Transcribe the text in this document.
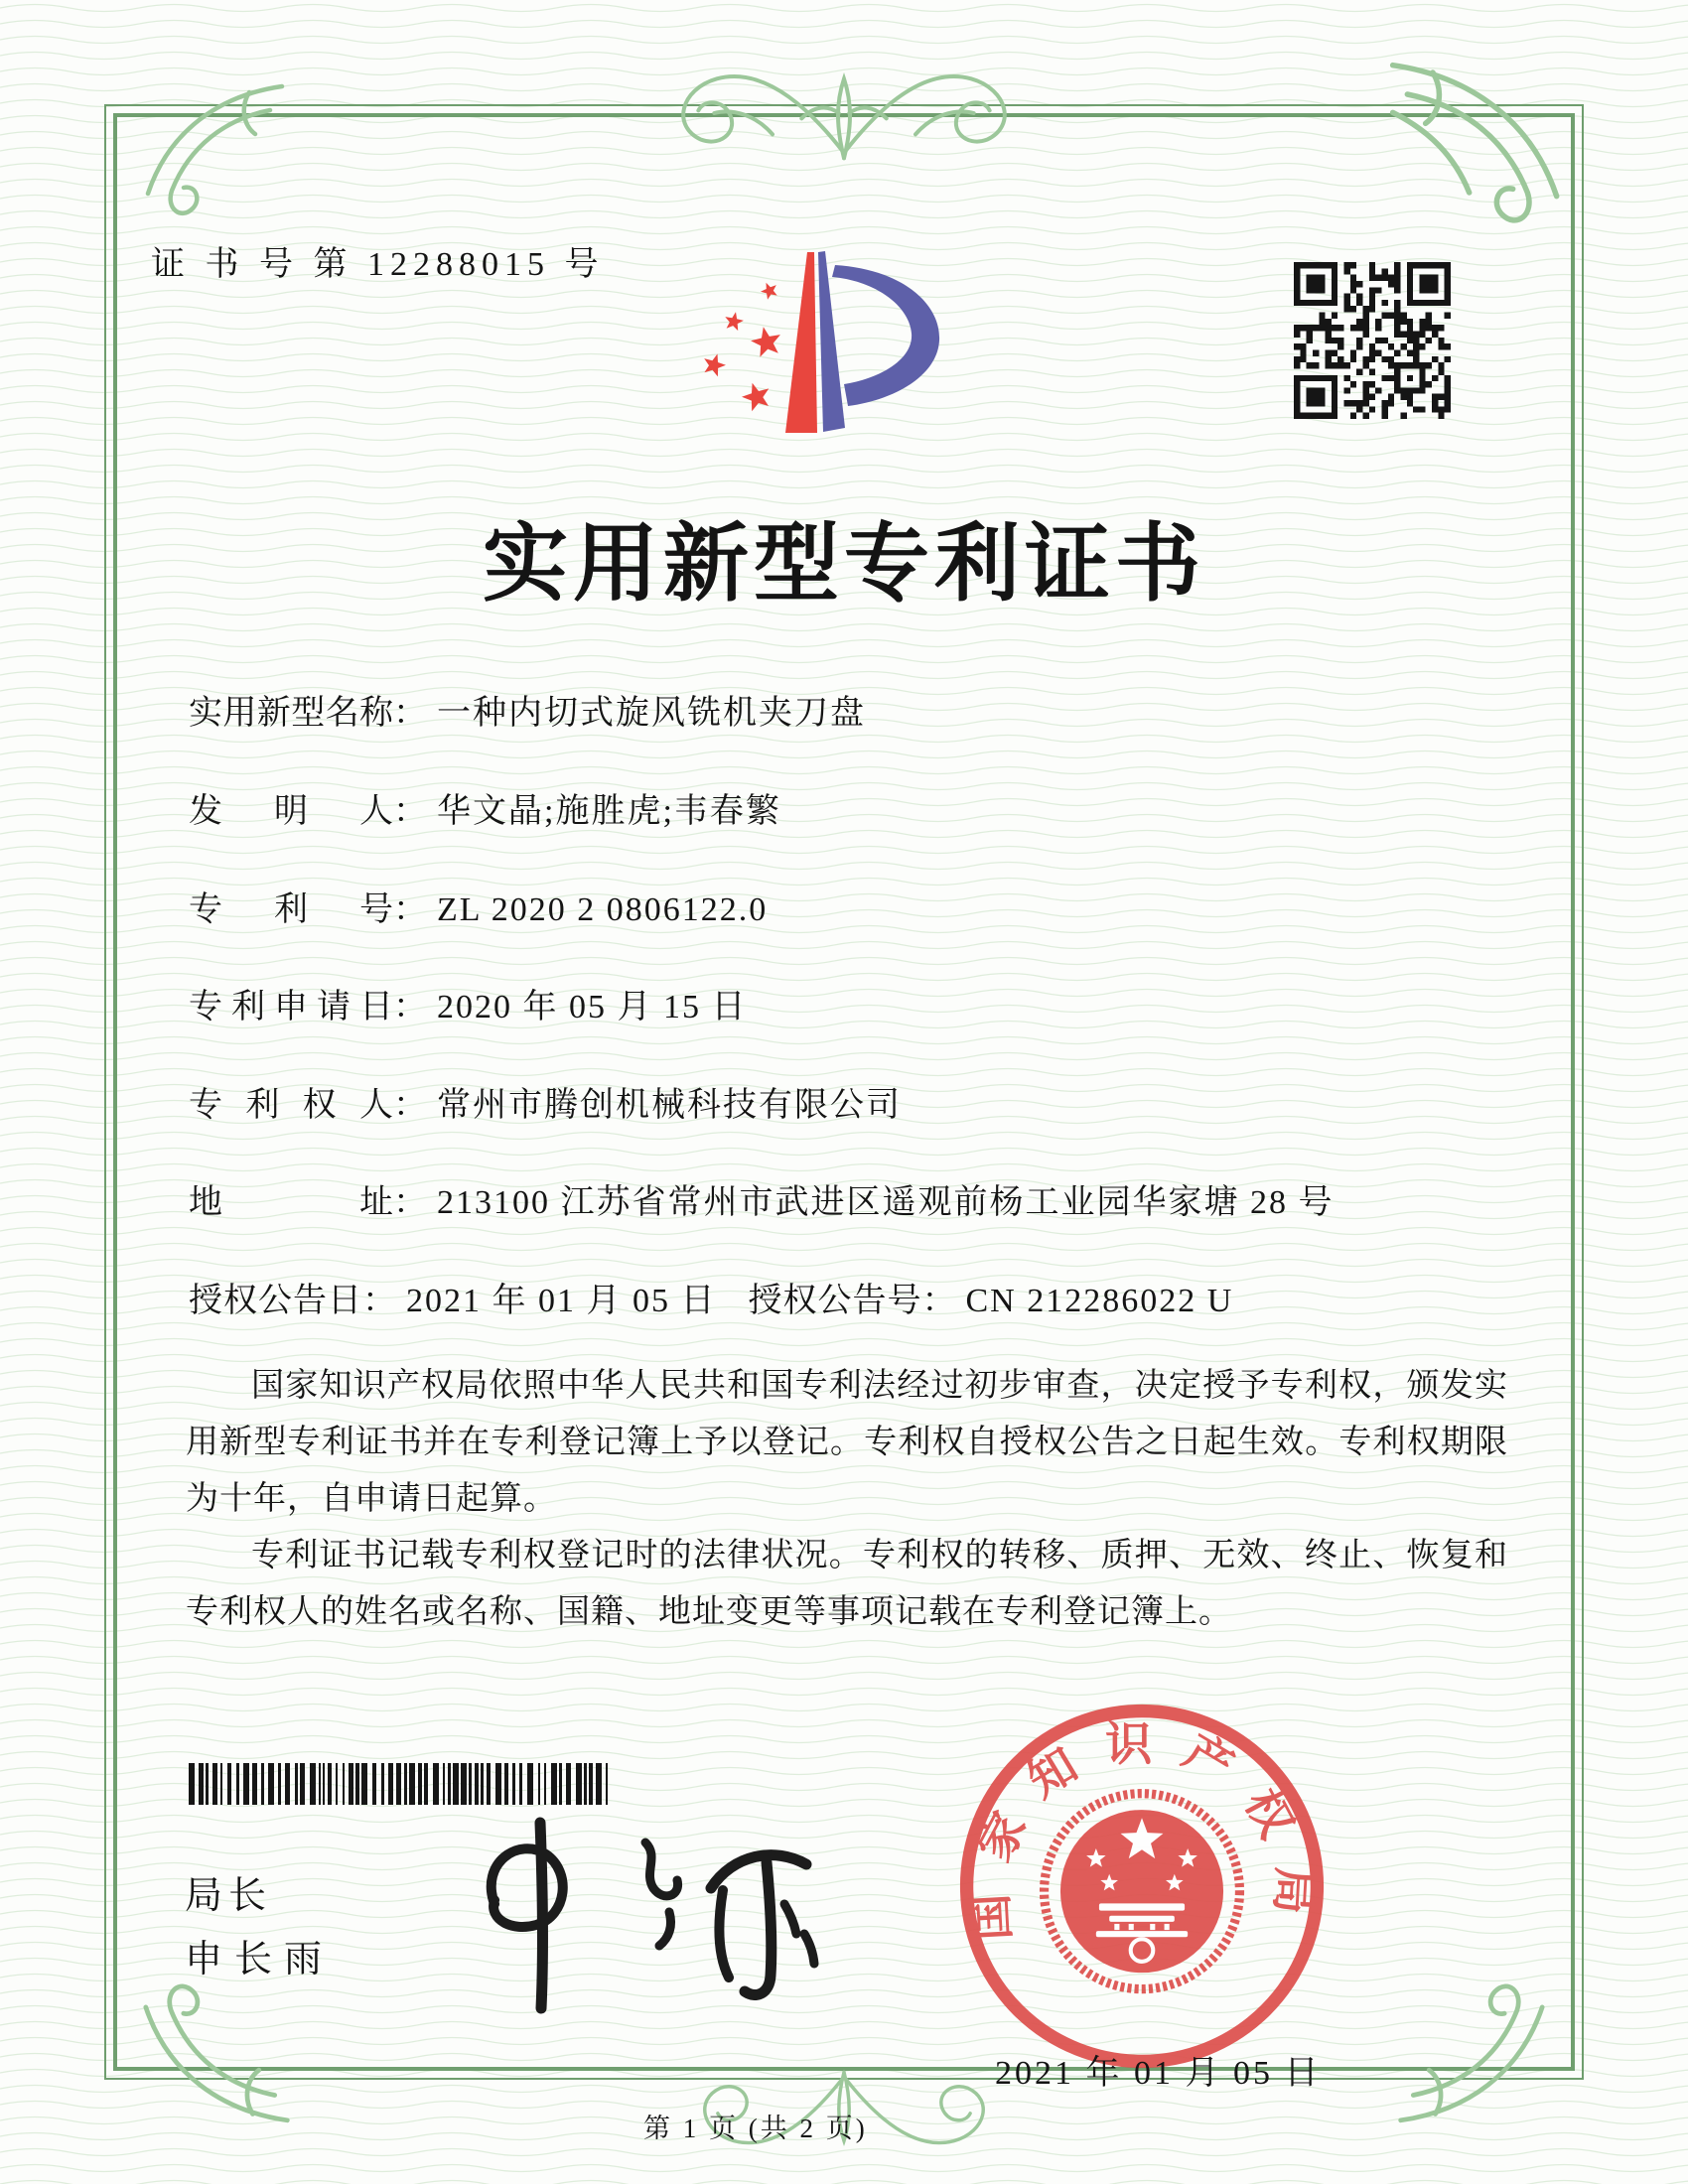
证 书 号 第 12288015 号
实用新型专利证书
实用新型名称： 一种内切式旋风铣机夹刀盘
发明人： 华文晶;施胜虎;韦春繁
专利号： ZL 2020 2 0806122.0
专利申请日： 2020 年 05 月 15 日
专利权人： 常州市腾创机械科技有限公司
地址： 213100 江苏省常州市武进区遥观前杨工业园华家塘 28 号
授权公告日： 2021 年 01 月 05 日 授权公告号： CN 212286022 U

国家知识产权局依照中华人民共和国专利法经过初步审查，决定授予专利权，颁发实用新型专利证书并在专利登记簿上予以登记。专利权自授权公告之日起生效。专利权期限为十年，自申请日起算。

专利证书记载专利权登记时的法律状况。专利权的转移、质押、无效、终止、恢复和专利权人的姓名或名称、国籍、地址变更等事项记载在专利登记簿上。

局长
申长雨
国家知识产权局
2021 年 01 月 05 日
第 1 页 (共 2 页)
